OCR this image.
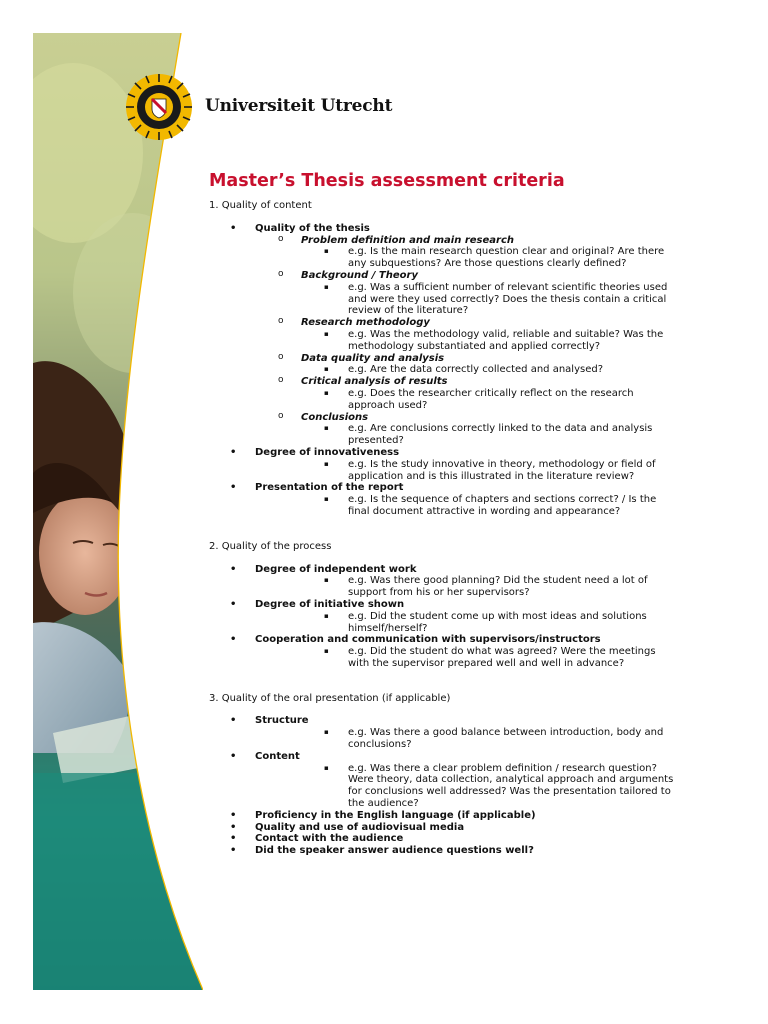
Universiteit Utrecht
Master’s Thesis assessment criteria
1. Quality of content
• Quality of the thesis
o Problem definition and main research
▪ e.g. Is the main research question clear and original? Are there any subquestions? Are those questions clearly defined?
o Background / Theory
▪ e.g. Was a sufficient number of relevant scientific theories used and were they used correctly? Does the thesis contain a critical review of the literature?
o Research methodology
▪ e.g. Was the methodology valid, reliable and suitable? Was the methodology substantiated and applied correctly?
o Data quality and analysis
▪ e.g. Are the data correctly collected and analysed?
o Critical analysis of results
▪ e.g. Does the researcher critically reflect on the research approach used?
o Conclusions
▪ e.g. Are conclusions correctly linked to the data and analysis presented?
• Degree of innovativeness
▪ e.g. Is the study innovative in theory, methodology or field of application and is this illustrated in the literature review?
• Presentation of the report
▪ e.g. Is the sequence of chapters and sections correct? / Is the final document attractive in wording and appearance?
2. Quality of the process
• Degree of independent work
▪ e.g. Was there good planning? Did the student need a lot of support from his or her supervisors?
• Degree of initiative shown
▪ e.g. Did the student come up with most ideas and solutions himself/herself?
• Cooperation and communication with supervisors/instructors
▪ e.g. Did the student do what was agreed? Were the meetings with the supervisor prepared well and well in advance?
3. Quality of the oral presentation (if applicable)
• Structure
▪ e.g. Was there a good balance between introduction, body and conclusions?
• Content
▪ e.g. Was there a clear problem definition / research question? Were theory, data collection, analytical approach and arguments for conclusions well addressed? Was the presentation tailored to the audience?
• Proficiency in the English language (if applicable)
• Quality and use of audiovisual media
• Contact with the audience
• Did the speaker answer audience questions well?
